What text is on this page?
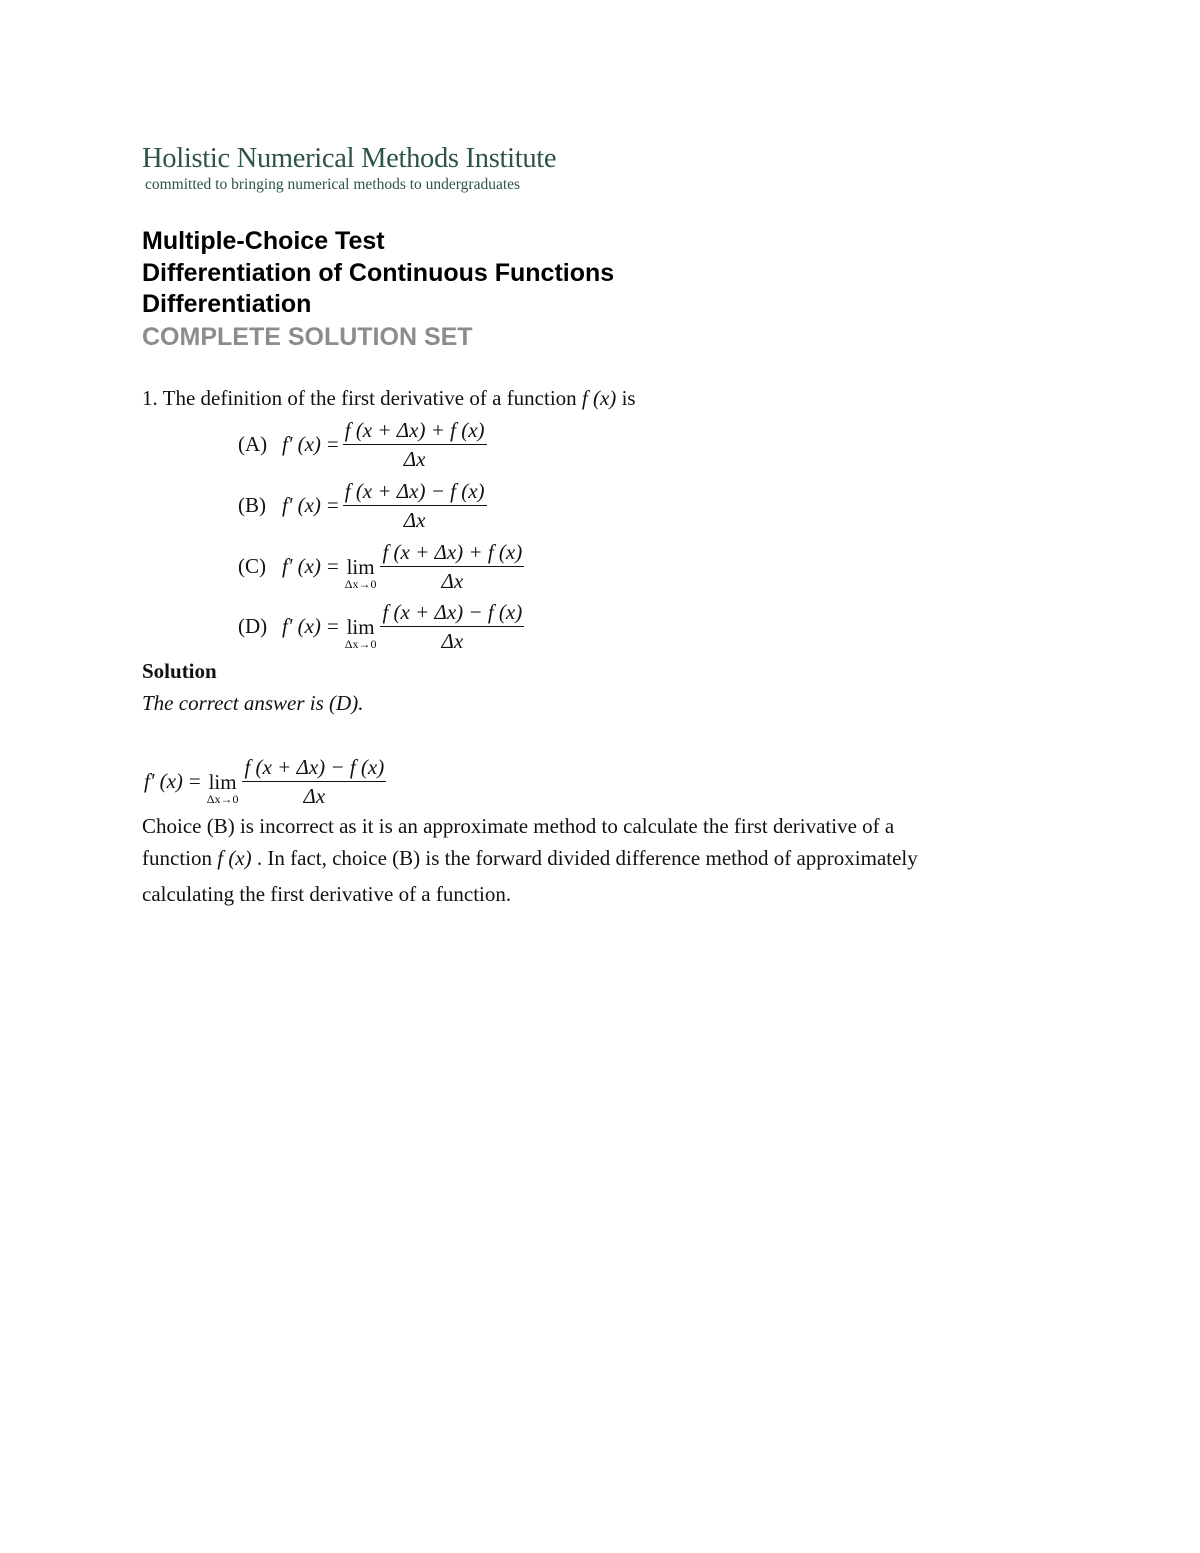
Holistic Numerical Methods Institute
committed to bringing numerical methods to undergraduates
Multiple-Choice Test
Differentiation of Continuous Functions
Differentiation
COMPLETE SOLUTION SET
1. The definition of the first derivative of a function f (x) is
(A) f' $(x) = \frac{f (x + \Delta x) + f (x)}{\Delta x}$
(B) f' $(x) = \frac{f (x + \Delta x) - f (x)}{\Delta x}$
(C) f' (x) = lim
$\Delta x\to 0 \frac{f (x + \Delta x) + f (x)}{\Delta x}$
(D) f' (x) = lim
$\Delta x\to 0 \frac{f (x + \Delta x) - f (x)}{\Delta x}$
Solution
The correct answer is (D).
f' (x) = lim
$\Delta x\to 0 \frac{f (x + \Delta x) - f (x)}{\Delta x}$
Choice (B) is incorrect as it is an approximate method to calculate the first derivative of a
function f (x) . In fact, choice (B) is the forward divided difference method of approximately
calculating the first derivative of a function.
